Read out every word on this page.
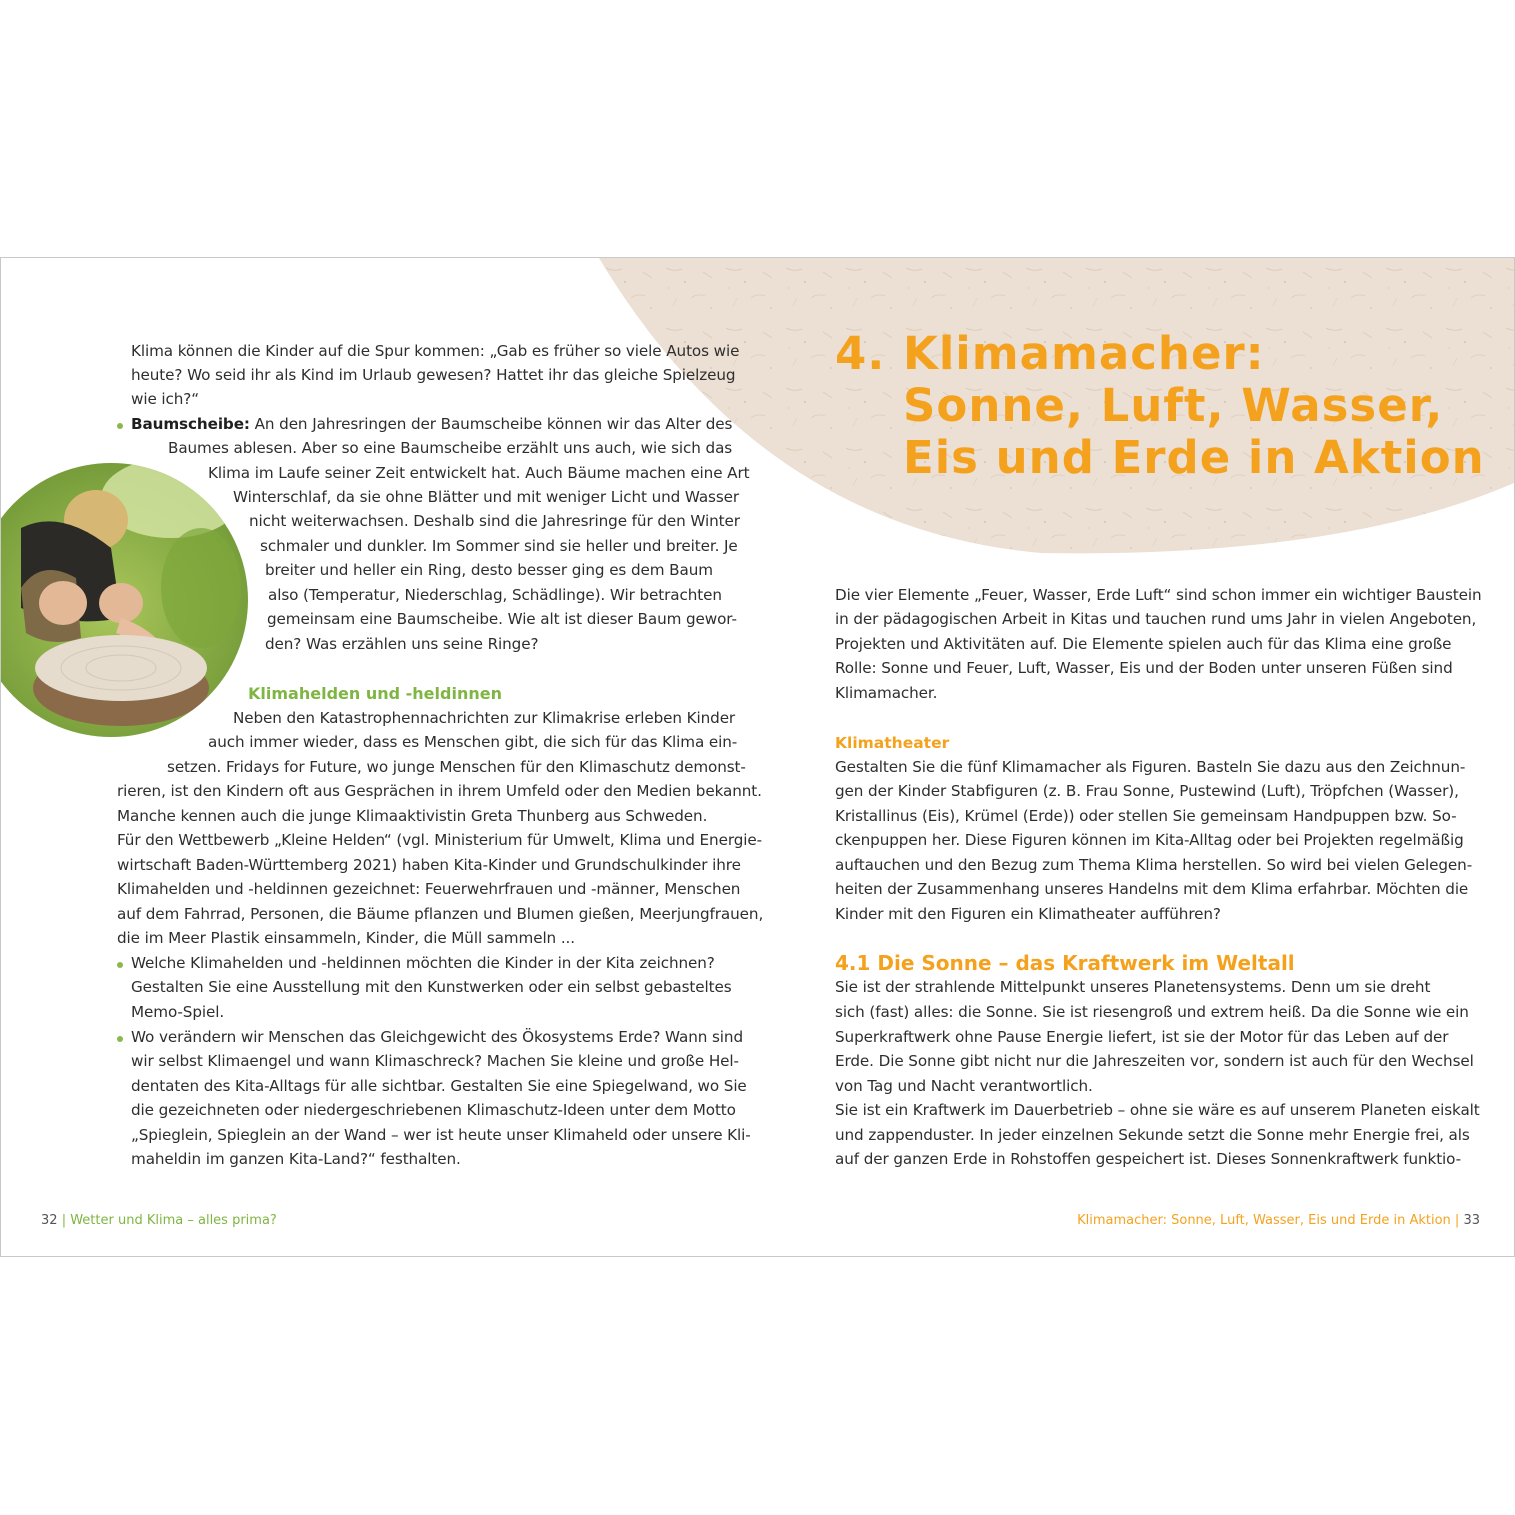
4. Klimamacher:

Sonne, Luft, Wasser,

Eis und Erde in Aktion

Klima können die Kinder auf die Spur kommen: „Gab es früher so viele Autos wie

heute? Wo seid ihr als Kind im Urlaub gewesen? Hattet ihr das gleiche Spielzeug

wie ich?“

Baumscheibe: An den Jahresringen der Baumscheibe können wir das Alter des

Baumes ablesen. Aber so eine Baumscheibe erzählt uns auch, wie sich das

Klima im Laufe seiner Zeit entwickelt hat. Auch Bäume machen eine Art

Winterschlaf, da sie ohne Blätter und mit weniger Licht und Wasser

nicht weiterwachsen. Deshalb sind die Jahresringe für den Winter

schmaler und dunkler. Im Sommer sind sie heller und breiter. Je

breiter und heller ein Ring, desto besser ging es dem Baum

also (Temperatur, Niederschlag, Schädlinge). Wir betrachten

gemeinsam eine Baumscheibe. Wie alt ist dieser Baum gewor-

den? Was erzählen uns seine Ringe?

Klimahelden und -heldinnen

Neben den Katastrophennachrichten zur Klimakrise erleben Kinder

auch immer wieder, dass es Menschen gibt, die sich für das Klima ein-

setzen. Fridays for Future, wo junge Menschen für den Klimaschutz demonst-

rieren, ist den Kindern oft aus Gesprächen in ihrem Umfeld oder den Medien bekannt.

Manche kennen auch die junge Klimaaktivistin Greta Thunberg aus Schweden.

Für den Wettbewerb „Kleine Helden“ (vgl. Ministerium für Umwelt, Klima und Energie-

wirtschaft Baden-Württemberg 2021) haben Kita-Kinder und Grundschulkinder ihre

Klimahelden und -heldinnen gezeichnet: Feuerwehrfrauen und -männer, Menschen

auf dem Fahrrad, Personen, die Bäume pflanzen und Blumen gießen, Meerjungfrauen,

die im Meer Plastik einsammeln, Kinder, die Müll sammeln ...

Welche Klimahelden und -heldinnen möchten die Kinder in der Kita zeichnen?

Gestalten Sie eine Ausstellung mit den Kunstwerken oder ein selbst gebasteltes

Memo-Spiel.

Wo verändern wir Menschen das Gleichgewicht des Ökosystems Erde? Wann sind

wir selbst Klimaengel und wann Klimaschreck? Machen Sie kleine und große Hel-

dentaten des Kita-Alltags für alle sichtbar. Gestalten Sie eine Spiegelwand, wo Sie

die gezeichneten oder niedergeschriebenen Klimaschutz-Ideen unter dem Motto

„Spieglein, Spieglein an der Wand – wer ist heute unser Klimaheld oder unsere Kli-

maheldin im ganzen Kita-Land?“ festhalten.

32 | Wetter und Klima – alles prima?

Die vier Elemente „Feuer, Wasser, Erde Luft“ sind schon immer ein wichtiger Baustein

in der pädagogischen Arbeit in Kitas und tauchen rund ums Jahr in vielen Angeboten,

Projekten und Aktivitäten auf. Die Elemente spielen auch für das Klima eine große

Rolle: Sonne und Feuer, Luft, Wasser, Eis und der Boden unter unseren Füßen sind

Klimamacher.

Klimatheater

Gestalten Sie die fünf Klimamacher als Figuren. Basteln Sie dazu aus den Zeichnun-

gen der Kinder Stabfiguren (z. B. Frau Sonne, Pustewind (Luft), Tröpfchen (Wasser),

Kristallinus (Eis), Krümel (Erde)) oder stellen Sie gemeinsam Handpuppen bzw. So-

ckenpuppen her. Diese Figuren können im Kita-Alltag oder bei Projekten regelmäßig

auftauchen und den Bezug zum Thema Klima herstellen. So wird bei vielen Gelegen-

heiten der Zusammenhang unseres Handelns mit dem Klima erfahrbar. Möchten die

Kinder mit den Figuren ein Klimatheater aufführen?

4.1 Die Sonne – das Kraftwerk im Weltall

Sie ist der strahlende Mittelpunkt unseres Planetensystems. Denn um sie dreht

sich (fast) alles: die Sonne. Sie ist riesengroß und extrem heiß. Da die Sonne wie ein

Superkraftwerk ohne Pause Energie liefert, ist sie der Motor für das Leben auf der

Erde. Die Sonne gibt nicht nur die Jahreszeiten vor, sondern ist auch für den Wechsel

von Tag und Nacht verantwortlich.

Sie ist ein Kraftwerk im Dauerbetrieb – ohne sie wäre es auf unserem Planeten eiskalt

und zappenduster. In jeder einzelnen Sekunde setzt die Sonne mehr Energie frei, als

auf der ganzen Erde in Rohstoffen gespeichert ist. Dieses Sonnenkraftwerk funktio-

Klimamacher: Sonne, Luft, Wasser, Eis und Erde in Aktion | 33
